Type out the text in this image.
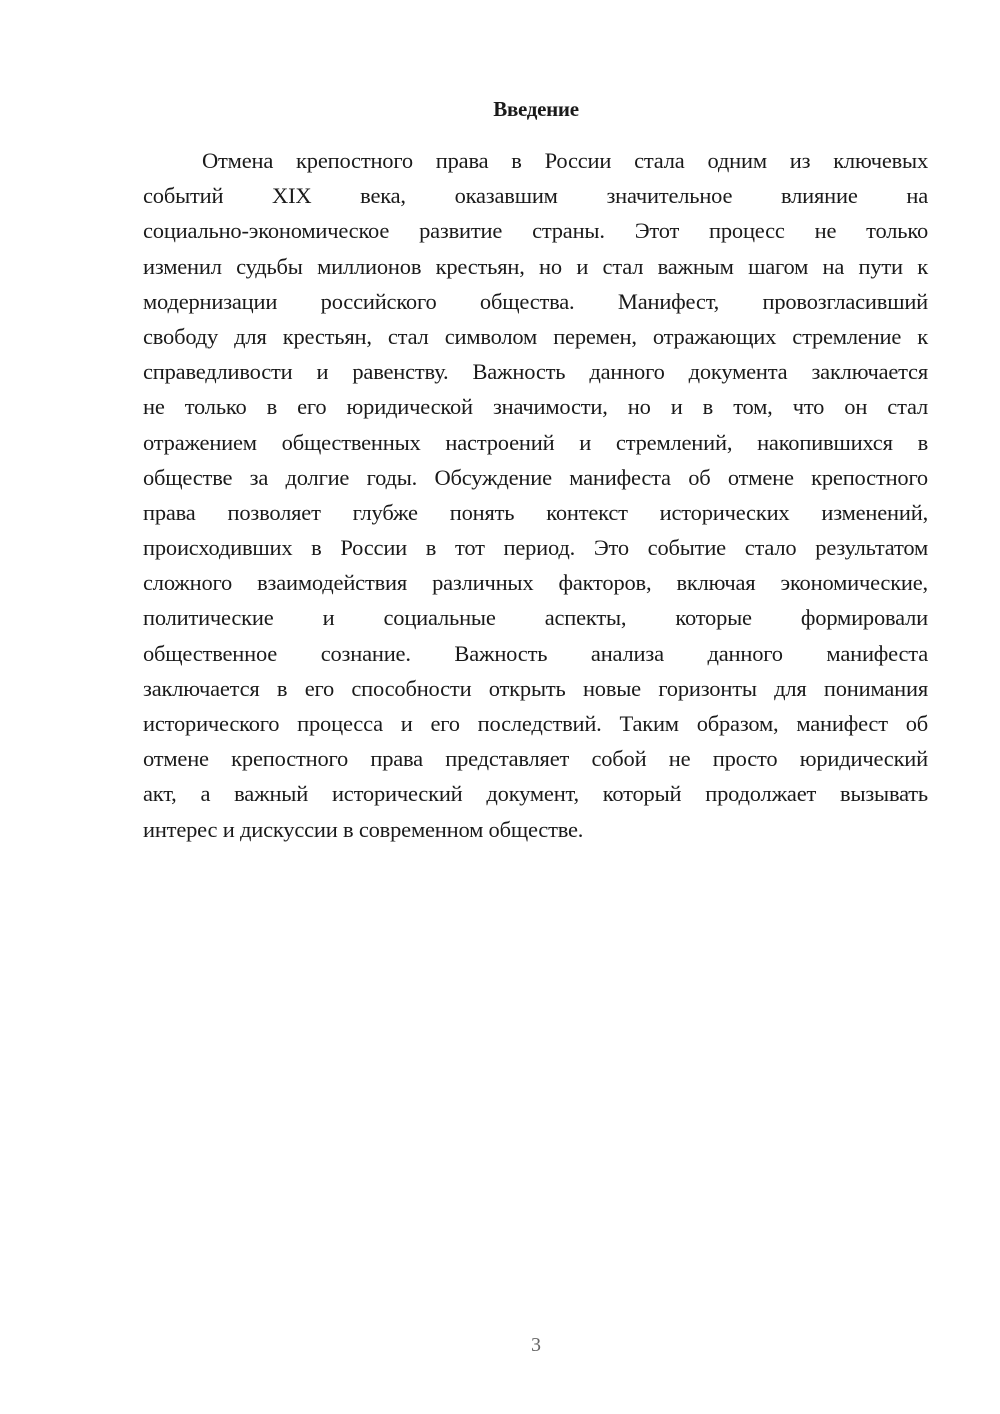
Введение
Отмена крепостного права в России стала одним из ключевых
событий XIX века, оказавшим значительное влияние на
социально-экономическое развитие страны. Этот процесс не только
изменил судьбы миллионов крестьян, но и стал важным шагом на пути к
модернизации российского общества. Манифест, провозгласивший
свободу для крестьян, стал символом перемен, отражающих стремление к
справедливости и равенству. Важность данного документа заключается
не только в его юридической значимости, но и в том, что он стал
отражением общественных настроений и стремлений, накопившихся в
обществе за долгие годы. Обсуждение манифеста об отмене крепостного
права позволяет глубже понять контекст исторических изменений,
происходивших в России в тот период. Это событие стало результатом
сложного взаимодействия различных факторов, включая экономические,
политические и социальные аспекты, которые формировали
общественное сознание. Важность анализа данного манифеста
заключается в его способности открыть новые горизонты для понимания
исторического процесса и его последствий. Таким образом, манифест об
отмене крепостного права представляет собой не просто юридический
акт, а важный исторический документ, который продолжает вызывать
интерес и дискуссии в современном обществе.
3
